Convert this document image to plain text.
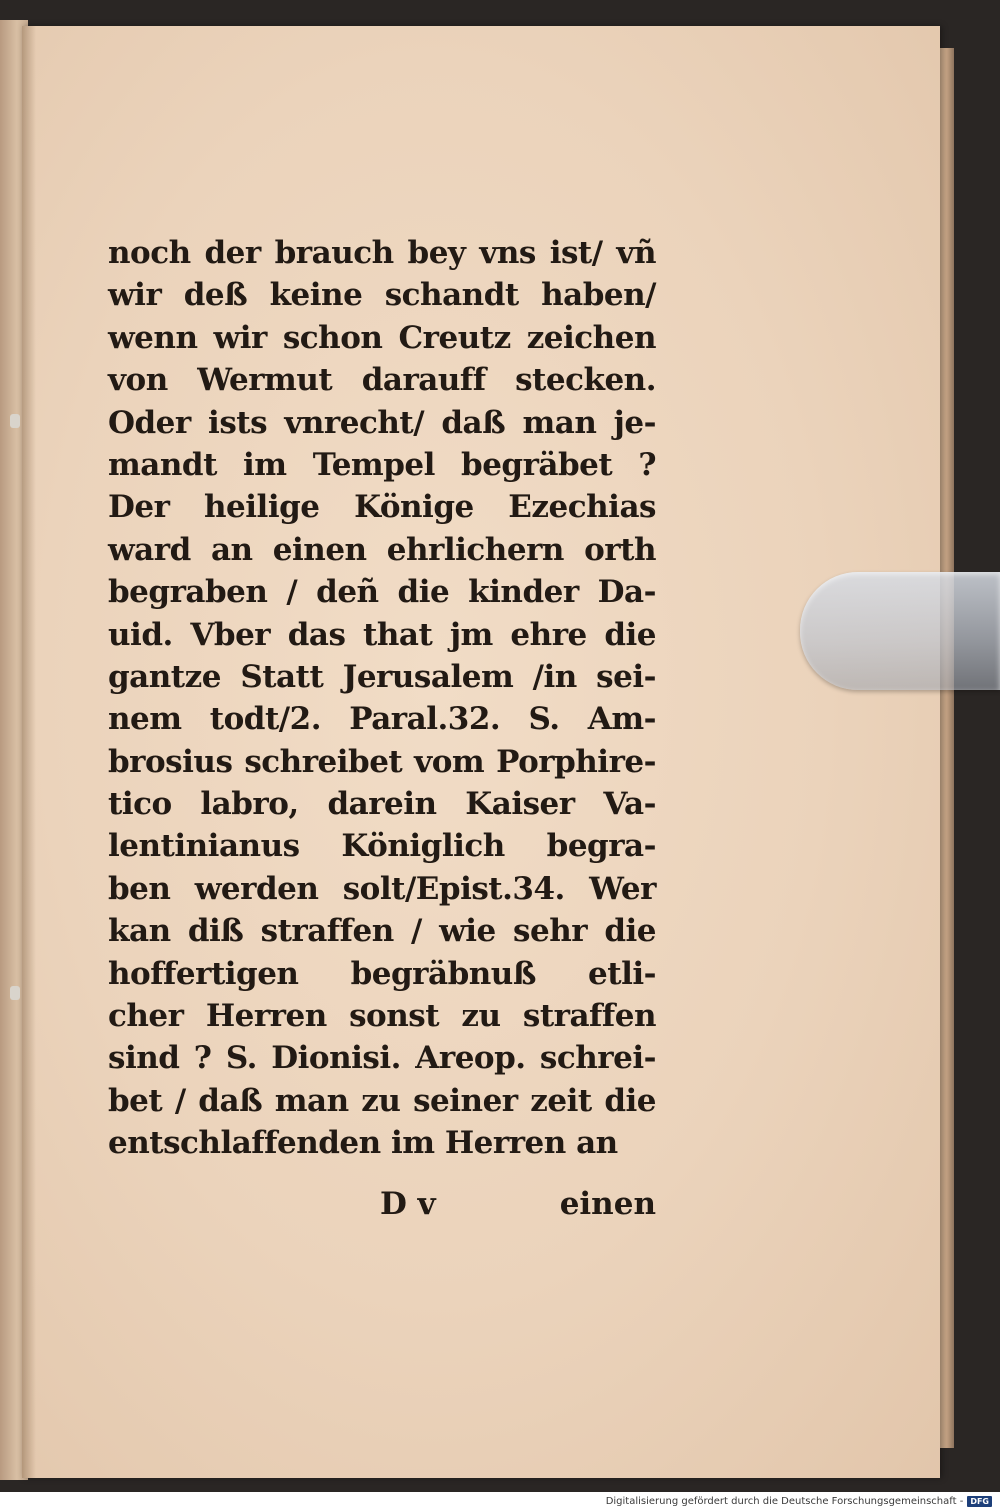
noch der brauch bey vns ist/ vñ
wir deß keine schandt haben/
wenn wir schon Creutz zeichen
von Wermut darauff stecken.
Oder ists vnrecht/ daß man je-
mandt im Tempel begräbet ?
Der heilige Könige Ezechias
ward an einen ehrlichern orth
begraben / deñ die kinder Da-
uid. Vber das that jm ehre die
gantze Statt Jerusalem /in sei-
nem todt/2. Paral.32. S. Am-
brosius schreibet vom Porphire-
tico labro, darein Kaiser Va-
lentinianus Königlich begra-
ben werden solt/Epist.34. Wer
kan diß straffen / wie sehr die
hoffertigen begräbnuß etli-
cher Herren sonst zu straffen
sind ? S. Dionisi. Areop. schrei-
bet / daß man zu seiner zeit die
entschlaffenden im Herren an
D v	einen
Digitalisierung gefördert durch die Deutsche Forschungsgemeinschaft - DFG
